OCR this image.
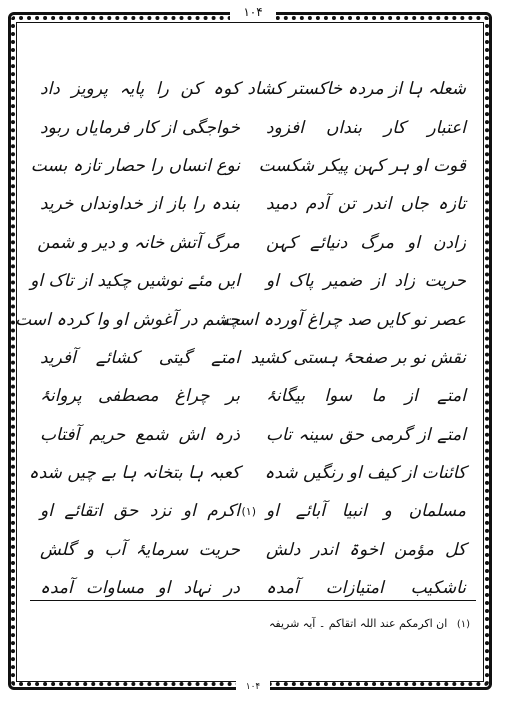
۱۰۴
شعلہ ہا از مردہ خاکستر کشاد
کوہ کن را پایہ پرویز داد
اعتبار کار بنداں افزود
خواجگی از کار فرمایاں ربود
قوت او ہر کہن پیکر شکست
نوع انساں را حصار تازہ بست
تازہ جاں اندر تن آدم دمید
بندہ را باز از خداونداں خرید
زادن او مرگ دنیائے کہن
مرگ آتش خانہ و دیر و شمن
حریت زاد از ضمیر پاک او
ایں مئے نوشیں چکید از تاک او
عصر نو کایں صد چراغ آوردہ است
چشم در آغوش او وا کردہ است
نقش نو بر صفحۂ ہستی کشید
امتے گیتی کشائے آفرید
امتے از ما سوا بیگانۂ
بر چراغ مصطفی پروانۂ
امتے از گرمی حق سینہ تاب
ذرہ اش شمع حریم آفتاب
کائنات از کیف او رنگیں شدہ
کعبہ ہا بتخانہ ہا بے چیں شدہ
مسلمان و انبیا آبائے او
(۱)
اکرم او نزد حق اتقائے او
کل مؤمن اخوۃ اندر دلش
حریت سرمایۂ آب و گلش
ناشکیب امتیازات آمدہ
در نہاد او مساوات آمدہ
(۱) ان اکرمکم عند اللہ اتقاکم ۔ آیہ شریفہ
۱۰۴
